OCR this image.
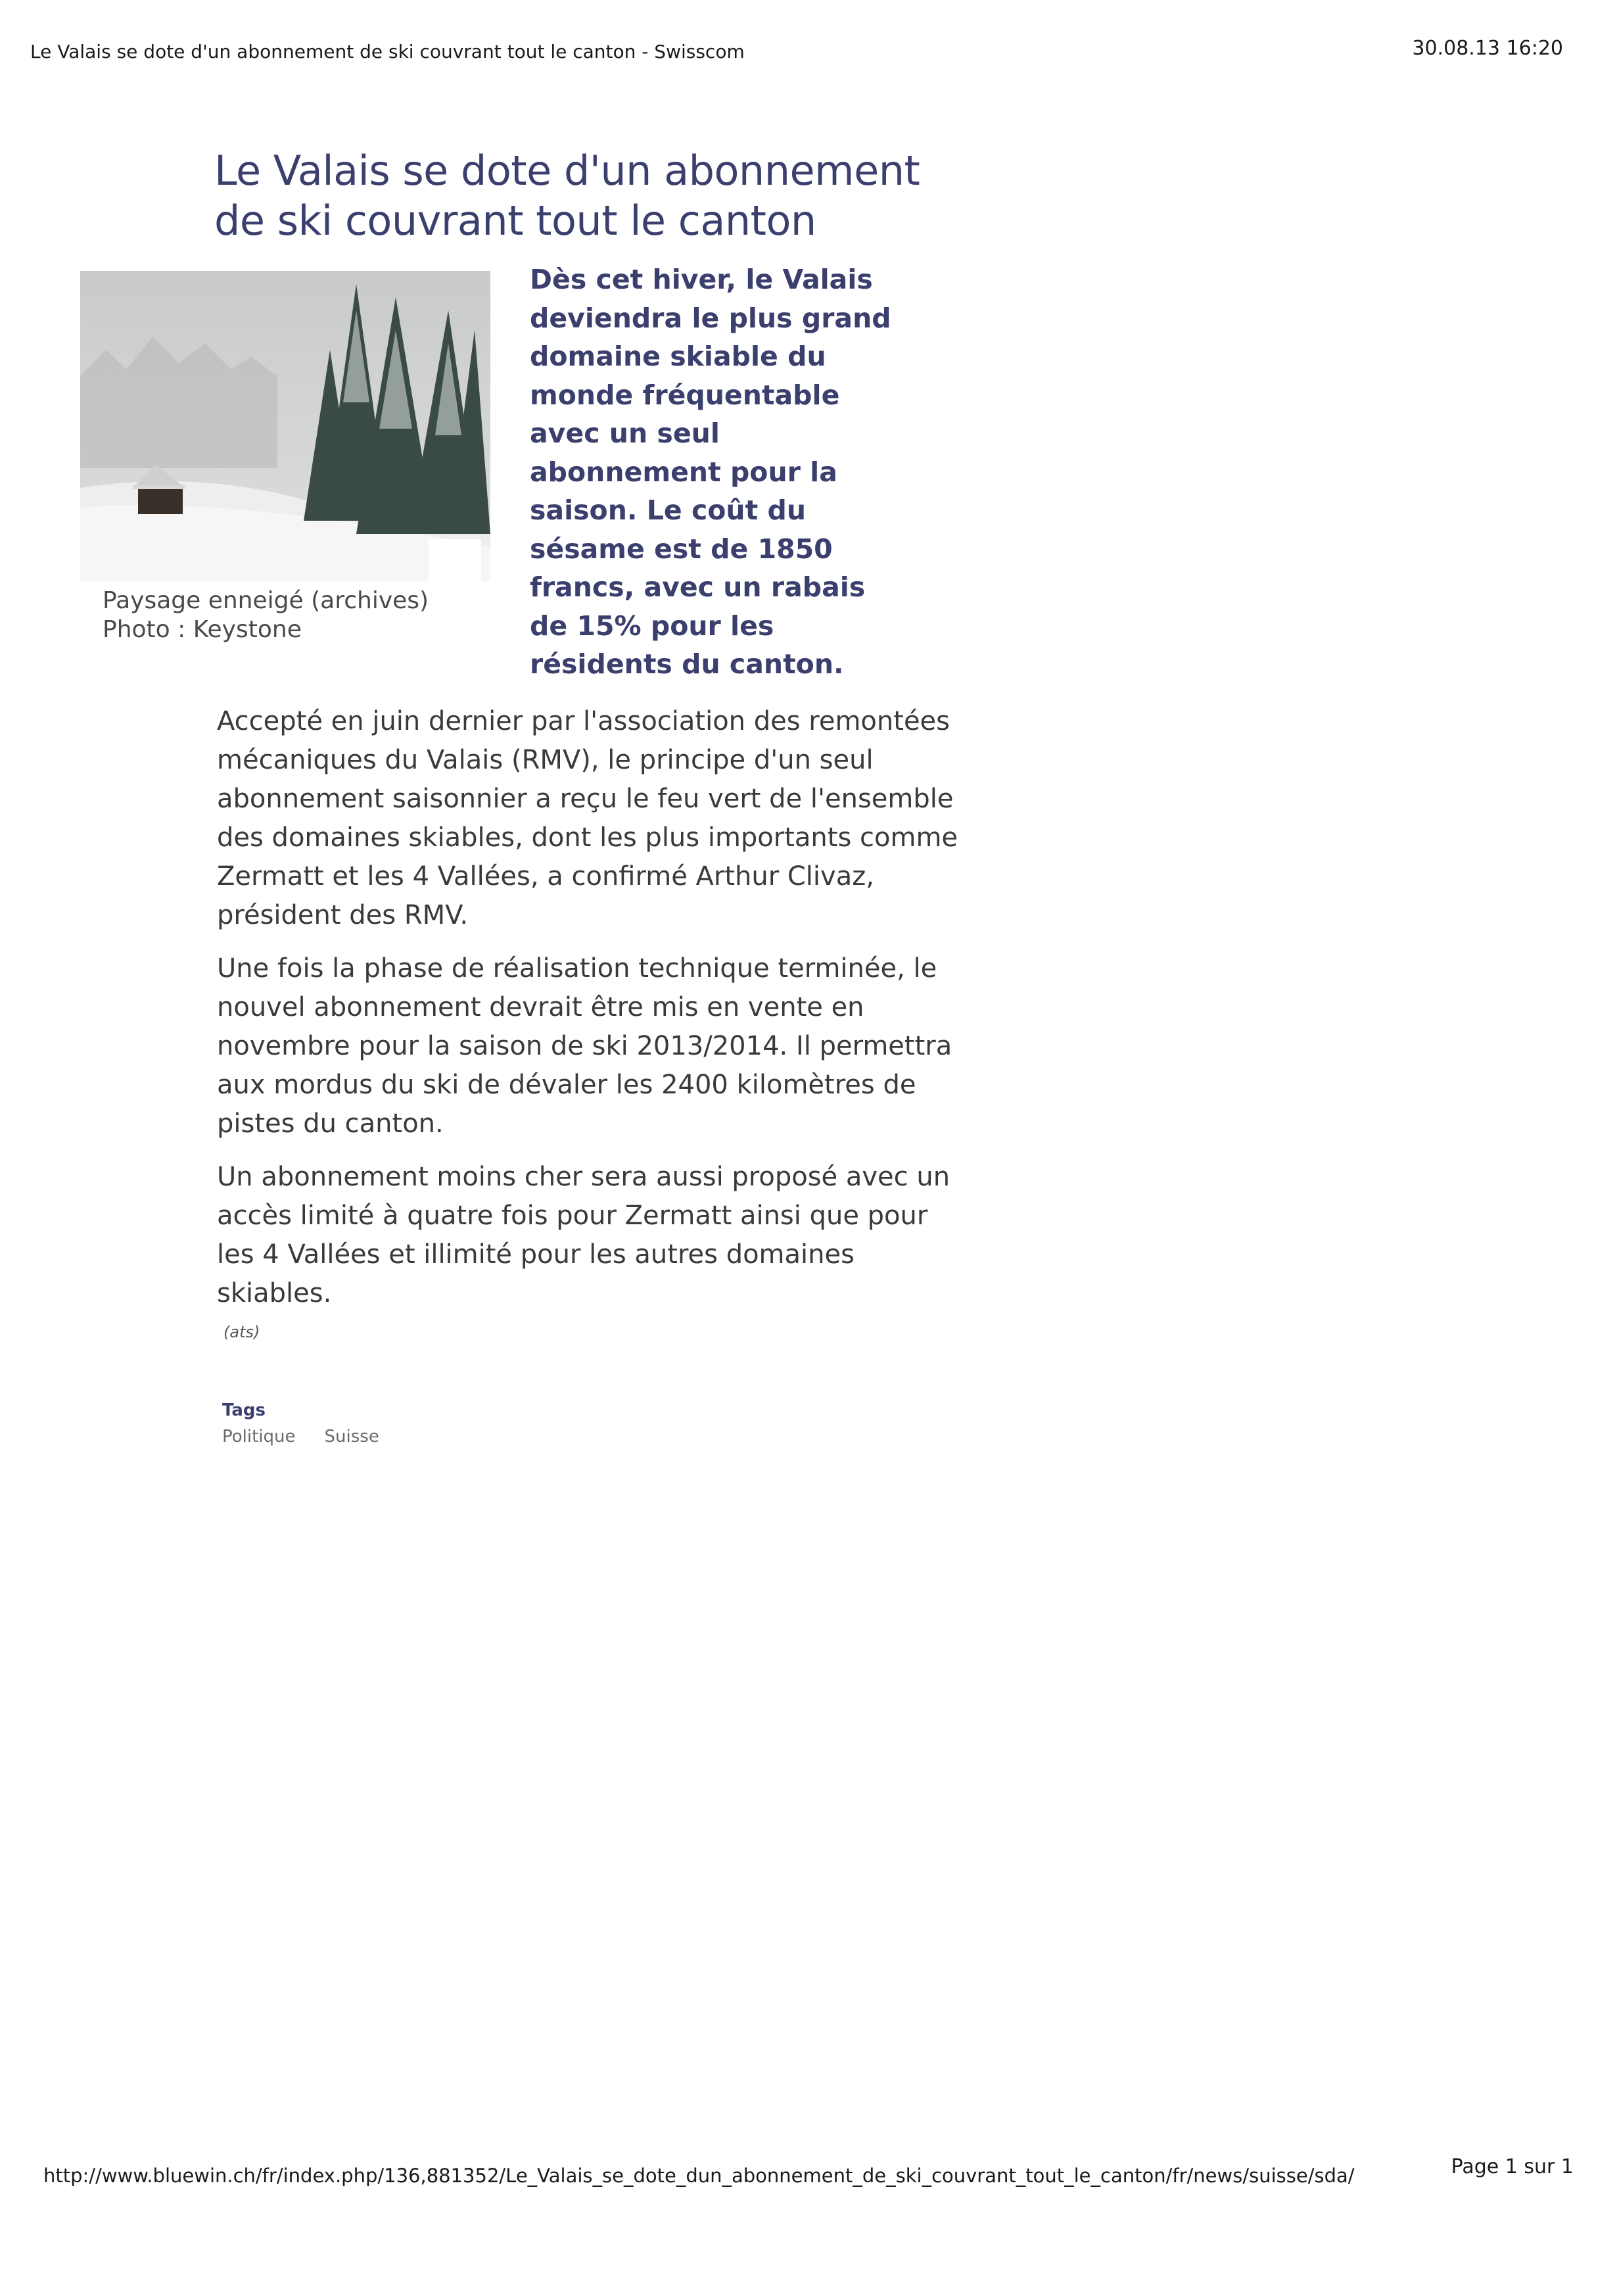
Le Valais se dote d'un abonnement de ski couvrant tout le canton - Swisscom	30.08.13 16:20
Le Valais se dote d'un abonnement de ski couvrant tout le canton
Paysage enneigé (archives)
Photo : Keystone
Dès cet hiver, le Valais deviendra le plus grand domaine skiable du monde fréquentable avec un seul abonnement pour la saison. Le coût du sésame est de 1850 francs, avec un rabais de 15% pour les résidents du canton.

Accepté en juin dernier par l'association des remontées mécaniques du Valais (RMV), le principe d'un seul abonnement saisonnier a reçu le feu vert de l'ensemble des domaines skiables, dont les plus importants comme Zermatt et les 4 Vallées, a confirmé Arthur Clivaz, président des RMV.

Une fois la phase de réalisation technique terminée, le nouvel abonnement devrait être mis en vente en novembre pour la saison de ski 2013/2014. Il permettra aux mordus du ski de dévaler les 2400 kilomètres de pistes du canton.

Un abonnement moins cher sera aussi proposé avec un accès limité à quatre fois pour Zermatt ainsi que pour les 4 Vallées et illimité pour les autres domaines skiables.

(ats)
Tags
Politique Suisse
http://www.bluewin.ch/fr/index.php/136,881352/Le_Valais_se_dote_dun_abonnement_de_ski_couvrant_tout_le_canton/fr/news/suisse/sda/	Page 1 sur 1
